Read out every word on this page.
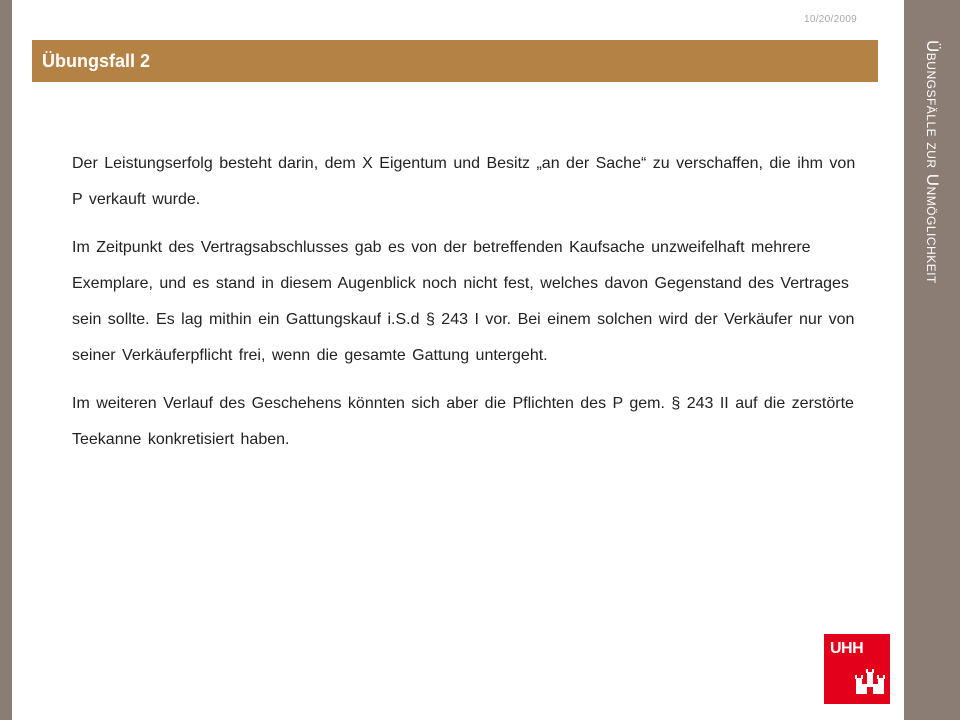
Übungsfälle zur Unmöglichkeit
10/20/2009
Übungsfall 2

Der Leistungserfolg besteht darin, dem X Eigentum und Besitz „an der Sache“ zu verschaffen, die ihm von P verkauft wurde.

Im Zeitpunkt des Vertragsabschlusses gab es von der betreffenden Kaufsache unzweifelhaft mehrere Exemplare, und es stand in diesem Augenblick noch nicht fest, welches davon Gegenstand des Vertrages sein sollte. Es lag mithin ein Gattungskauf i.S.d § 243 I vor. Bei einem solchen wird der Verkäufer nur von seiner Verkäuferpflicht frei, wenn die gesamte Gattung untergeht.

Im weiteren Verlauf des Geschehens könnten sich aber die Pflichten des P gem. § 243 II auf die zerstörte Teekanne konkretisiert haben.

UHH
